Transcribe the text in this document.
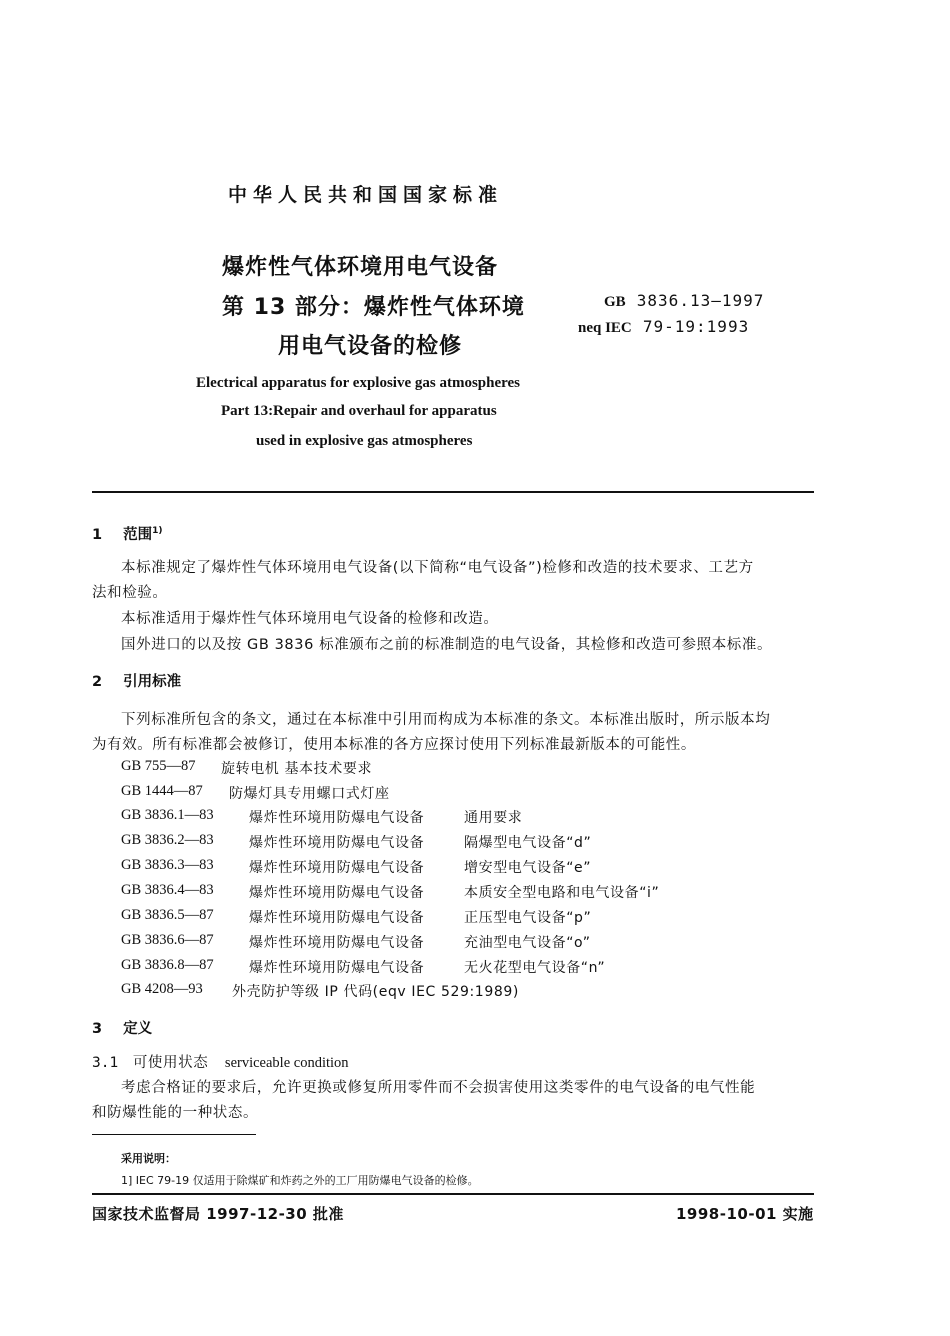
中华人民共和国国家标准
爆炸性气体环境用电气设备
第 13 部分：爆炸性气体环境
用电气设备的检修
GB 3836.13—1997
neq IEC 79-19:1993
Electrical apparatus for explosive gas atmospheres
Part 13:Repair and overhaul for apparatus
used in explosive gas atmospheres
1 范围$^{1)}$
本标准规定了爆炸性气体环境用电气设备(以下简称“电气设备”)检修和改造的技术要求、工艺方
法和检验。
本标准适用于爆炸性气体环境用电气设备的检修和改造。
国外进口的以及按 GB 3836 标准颁布之前的标准制造的电气设备，其检修和改造可参照本标准。
2 引用标准
下列标准所包含的条文，通过在本标准中引用而构成为本标准的条文。本标准出版时，所示版本均
为有效。所有标准都会被修订，使用本标准的各方应探讨使用下列标准最新版本的可能性。
GB 755—87 旋转电机 基本技术要求
GB 1444—87 防爆灯具专用螺口式灯座
GB 3836.1—83	爆炸性环境用防爆电气设备	通用要求
GB 3836.2—83	爆炸性环境用防爆电气设备	隔爆型电气设备“d”
GB 3836.3—83	爆炸性环境用防爆电气设备	增安型电气设备“e”
GB 3836.4—83	爆炸性环境用防爆电气设备	本质安全型电路和电气设备“i”
GB 3836.5—87	爆炸性环境用防爆电气设备	正压型电气设备“p”
GB 3836.6—87	爆炸性环境用防爆电气设备	充油型电气设备“o”
GB 3836.8—87	爆炸性环境用防爆电气设备	无火花型电气设备“n”
GB 4208—93 外壳防护等级 IP 代码(eqv IEC 529:1989)
3 定义
3.1 可使用状态 serviceable condition
考虑合格证的要求后，允许更换或修复所用零件而不会损害使用这类零件的电气设备的电气性能
和防爆性能的一种状态。
采用说明：
1] IEC 79-19 仅适用于除煤矿和炸药之外的工厂用防爆电气设备的检修。
国家技术监督局 1997-12-30 批准	1998-10-01 实施
